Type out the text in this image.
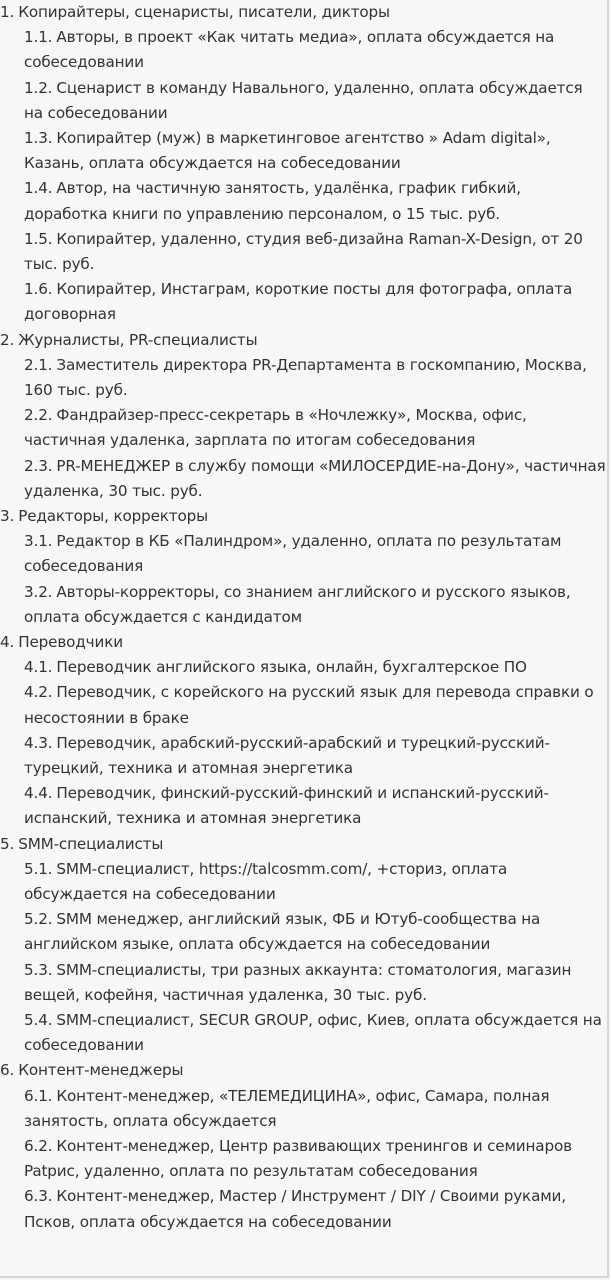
1. Копирайтеры, сценаристы, писатели, дикторы
1.1. Авторы, в проект «Как читать медиа», оплата обсуждается на собеседовании
1.2. Сценарист в команду Навального, удаленно, оплата обсуждается на собеседовании
1.3. Копирайтер (муж) в маркетинговое агентство » Adam digital», Казань, оплата обсуждается на собеседовании
1.4. Автор, на частичную занятость, удалёнка, график гибкий, доработка книги по управлению персоналом, о 15 тыс. руб.
1.5. Копирайтер, удаленно, студия веб-дизайна Raman-X-Design, от 20 тыс. руб.
1.6. Копирайтер, Инстаграм, короткие посты для фотографа, оплата договорная
2. Журналисты, PR-специалисты
2.1. Заместитель директора PR-Департамента в госкомпанию, Москва, 160 тыс. руб.
2.2. Фандрайзер-пресс-секретарь в «Ночлежку», Москва, офис, частичная удаленка, зарплата по итогам собеседования
2.3. PR-МЕНЕДЖЕР в службу помощи «МИЛОСЕРДИЕ-на-Дону», частичная удаленка, 30 тыс. руб.
3. Редакторы, корректоры
3.1. Редактор в КБ «Палиндром», удаленно, оплата по результатам собеседования
3.2. Авторы-корректоры, со знанием английского и русского языков, оплата обсуждается с кандидатом
4. Переводчики
4.1. Переводчик английского языка, онлайн, бухгалтерское ПО
4.2. Переводчик, с корейского на русский язык для перевода справки о несостоянии в браке
4.3. Переводчик, арабский-русский-арабский и турецкий-русский-турецкий, техника и атомная энергетика
4.4. Переводчик, финский-русский-финский и испанский-русский-испанский, техника и атомная энергетика
5. SMM-специалисты
5.1. SMM-специалист, https://talcosmm.com/, +сториз, оплата обсуждается на собеседовании
5.2. SMM менеджер, английский язык, ФБ и Ютуб-сообщества на английском языке, оплата обсуждается на собеседовании
5.3. SMM-специалисты, три разных аккаунта: стоматология, магазин вещей, кофейня, частичная удаленка, 30 тыс. руб.
5.4. SMM-специалист, SECUR GROUP, офис, Киев, оплата обсуждается на собеседовании
6. Контент-менеджеры
6.1. Контент-менеджер, «ТЕЛЕМЕДИЦИНА», офис, Самара, полная занятость, оплата обсуждается
6.2. Контент-менеджер, Центр развивающих тренингов и семинаров Patрис, удаленно, оплата по результатам собеседования
6.3. Контент-менеджер, Мастер / Инструмент / DIY / Своими руками, Псков, оплата обсуждается на собеседовании
